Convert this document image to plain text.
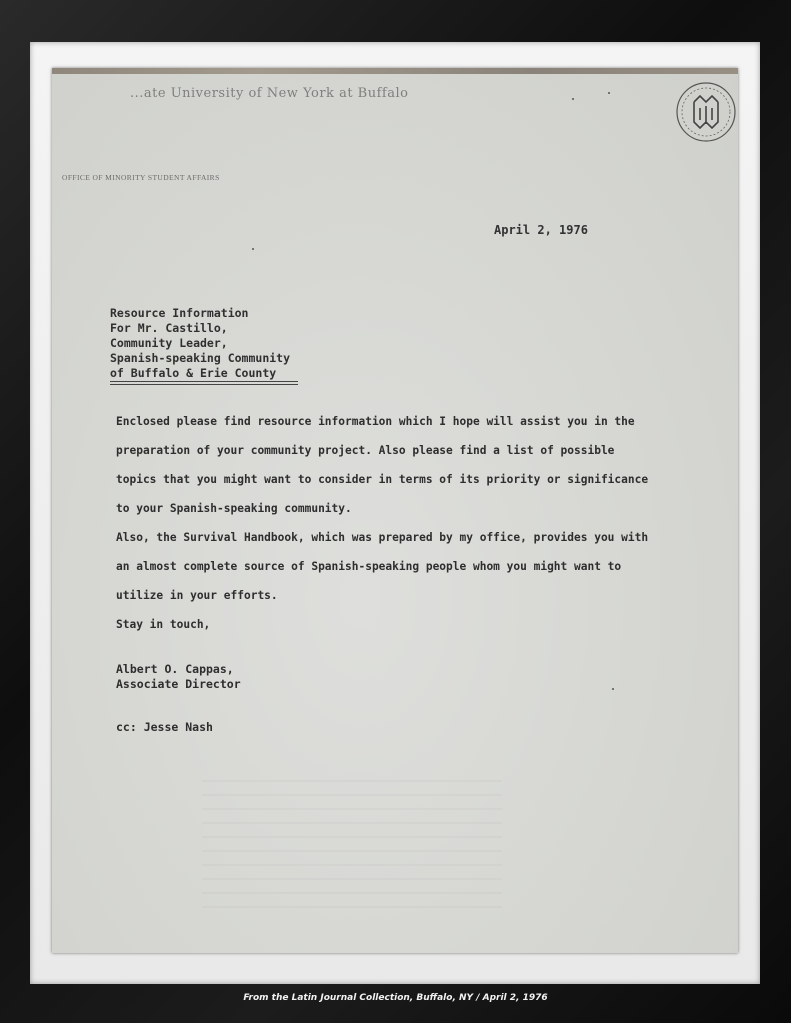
...ate University of New York at Buffalo
OFFICE OF MINORITY STUDENT AFFAIRS
April 2, 1976
Resource Information
For Mr. Castillo,
Community Leader,
Spanish-speaking Community
of Buffalo & Erie County
Enclosed please find resource information which I hope will assist you in the
preparation of your community project. Also please find a list of possible
topics that you might want to consider in terms of its priority or significance
to your Spanish-speaking community.
Also, the Survival Handbook, which was prepared by my office, provides you with
an almost complete source of Spanish-speaking people whom you might want to
utilize in your efforts.
Stay in touch,
Albert O. Cappas,
Associate Director
cc: Jesse Nash
From the Latin Journal Collection, Buffalo, NY / April 2, 1976
